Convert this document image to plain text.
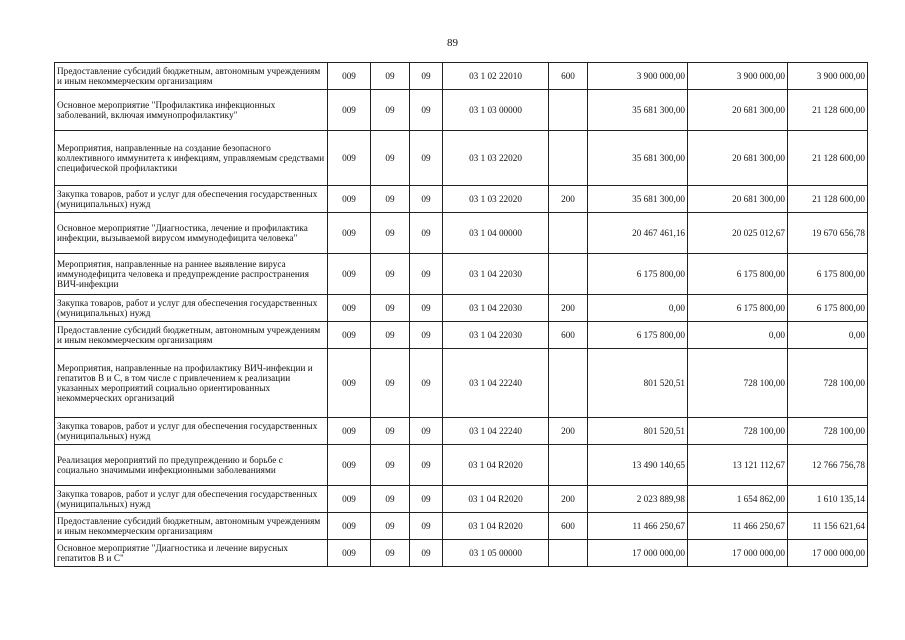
89
Предоставление субсидий бюджетным, автономным учреждениям и иным некоммерческим организациям	009	09	09	03 1 02 22010	600	3 900 000,00	3 900 000,00	3 900 000,00
Основное мероприятие "Профилактика инфекционных заболеваний, включая иммунопрофилактику"	009	09	09	03 1 03 00000		35 681 300,00	20 681 300,00	21 128 600,00
Мероприятия, направленные на создание безопасного коллективного иммунитета к инфекциям, управляемым средствами специфической профилактики	009	09	09	03 1 03 22020		35 681 300,00	20 681 300,00	21 128 600,00
Закупка товаров, работ и услуг для обеспечения государственных (муниципальных) нужд	009	09	09	03 1 03 22020	200	35 681 300,00	20 681 300,00	21 128 600,00
Основное мероприятие "Диагностика, лечение и профилактика инфекции, вызываемой вирусом иммунодефицита человека"	009	09	09	03 1 04 00000		20 467 461,16	20 025 012,67	19 670 656,78
Мероприятия, направленные на раннее выявление вируса иммунодефицита человека и предупреждение распространения ВИЧ-инфекции	009	09	09	03 1 04 22030		6 175 800,00	6 175 800,00	6 175 800,00
Закупка товаров, работ и услуг для обеспечения государственных (муниципальных) нужд	009	09	09	03 1 04 22030	200	0,00	6 175 800,00	6 175 800,00
Предоставление субсидий бюджетным, автономным учреждениям и иным некоммерческим организациям	009	09	09	03 1 04 22030	600	6 175 800,00	0,00	0,00
Мероприятия, направленные на профилактику ВИЧ-инфекции и гепатитов B и C, в том числе с привлечением к реализации указанных мероприятий социально ориентированных некоммерческих организаций	009	09	09	03 1 04 22240		801 520,51	728 100,00	728 100,00
Закупка товаров, работ и услуг для обеспечения государственных (муниципальных) нужд	009	09	09	03 1 04 22240	200	801 520,51	728 100,00	728 100,00
Реализация мероприятий по предупреждению и борьбе с социально значимыми инфекционными заболеваниями	009	09	09	03 1 04 R2020		13 490 140,65	13 121 112,67	12 766 756,78
Закупка товаров, работ и услуг для обеспечения государственных (муниципальных) нужд	009	09	09	03 1 04 R2020	200	2 023 889,98	1 654 862,00	1 610 135,14
Предоставление субсидий бюджетным, автономным учреждениям и иным некоммерческим организациям	009	09	09	03 1 04 R2020	600	11 466 250,67	11 466 250,67	11 156 621,64
Основное мероприятие "Диагностика и лечение вирусных гепатитов B и C"	009	09	09	03 1 05 00000		17 000 000,00	17 000 000,00	17 000 000,00
